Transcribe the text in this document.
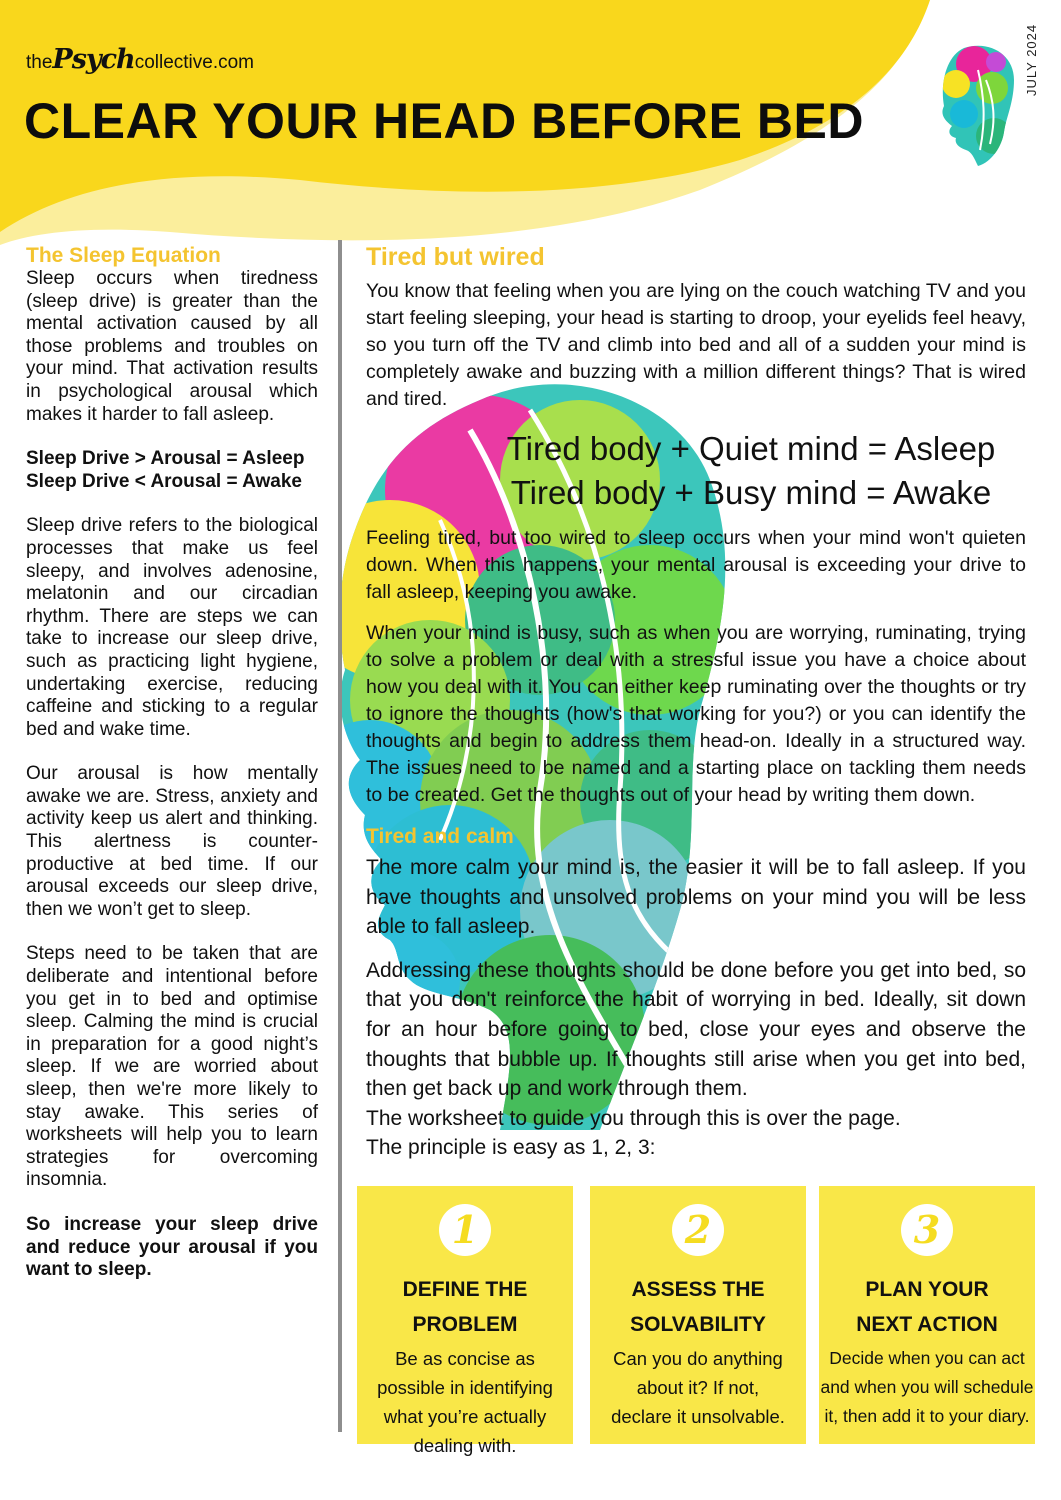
thePsychcollective.com
CLEAR YOUR HEAD BEFORE BED
JULY 2024
The Sleep Equation

Sleep occurs when tiredness (sleep drive) is greater than the mental activation caused by all those problems and troubles on your mind. That activation results in psychological arousal which makes it harder to fall asleep.

Sleep Drive > Arousal = Asleep
Sleep Drive < Arousal = Awake

Sleep drive refers to the biological processes that make us feel sleepy, and involves adenosine, melatonin and our circadian rhythm. There are steps we can take to increase our sleep drive, such as practicing light hygiene, undertaking exercise, reducing caffeine and sticking to a regular bed and wake time.

Our arousal is how mentally awake we are. Stress, anxiety and activity keep us alert and thinking. This alertness is counter-productive at bed time. If our arousal exceeds our sleep drive, then we won’t get to sleep.

Steps need to be taken that are deliberate and intentional before you get in to bed and optimise sleep. Calming the mind is crucial in preparation for a good night’s sleep. If we are worried about sleep, then we're more likely to stay awake. This series of worksheets will help you to learn strategies for overcoming insomnia.

So increase your sleep drive and reduce your arousal if you want to sleep.

Tired but wired

You know that feeling when you are lying on the couch watching TV and you start feeling sleeping, your head is starting to droop, your eyelids feel heavy, so you turn off the TV and climb into bed and all of a sudden your mind is completely awake and buzzing with a million different things? That is wired and tired.

Tired body + Quiet mind = Asleep
Tired body + Busy mind = Awake

Feeling tired, but too wired to sleep occurs when your mind won't quieten down. When this happens, your mental arousal is exceeding your drive to fall asleep, keeping you awake.

When your mind is busy, such as when you are worrying, ruminating, trying to solve a problem or deal with a stressful issue you have a choice about how you deal with it. You can either keep ruminating over the thoughts or try to ignore the thoughts (how's that working for you?) or you can identify the thoughts and begin to address them head-on. Ideally in a structured way. The issues need to be named and a starting place on tackling them needs to be created. Get the thoughts out of your head by writing them down.

Tired and calm

The more calm your mind is, the easier it will be to fall asleep. If you have thoughts and unsolved problems on your mind you will be less able to fall asleep.

Addressing these thoughts should be done before you get into bed, so that you don't reinforce the habit of worrying in bed. Ideally, sit down for an hour before going to bed, close your eyes and observe the thoughts that bubble up. If thoughts still arise when you get into bed, then get back up and work through them.

The worksheet to guide you through this is over the page.

The principle is easy as 1, 2, 3:

1
DEFINE THE
PROBLEM
Be as concise as
possible in identifying
what you’re actually
dealing with.
2
ASSESS THE
SOLVABILITY
Can you do anything
about it? If not,
declare it unsolvable.
3
PLAN YOUR
NEXT ACTION
Decide when you can act
and when you will schedule
it, then add it to your diary.
